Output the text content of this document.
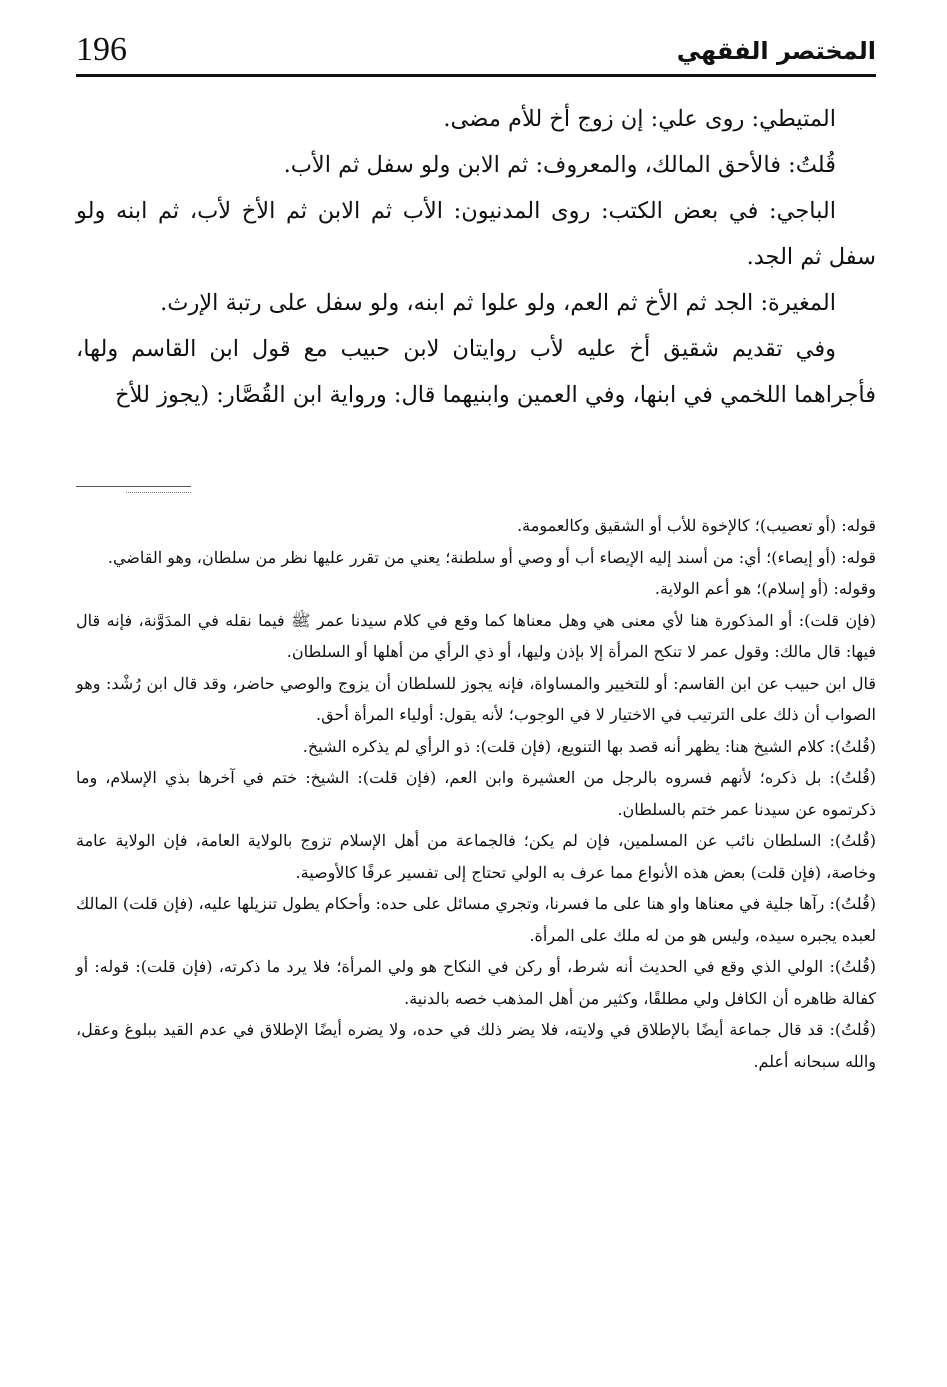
196	المختصر الفقهي

المتيطي: روى علي: إن زوج أخ للأم مضى.

قُلتُ: فالأحق المالك، والمعروف: ثم الابن ولو سفل ثم الأب.

الباجي: في بعض الكتب: روى المدنيون: الأب ثم الابن ثم الأخ لأب، ثم ابنه ولو سفل ثم الجد.

المغيرة: الجد ثم الأخ ثم العم، ولو علوا ثم ابنه، ولو سفل على رتبة الإرث.

وفي تقديم شقيق أخ عليه لأب روايتان لابن حبيب مع قول ابن القاسم ولها، فأجراهما اللخمي في ابنها، وفي العمين وابنيهما قال: ورواية ابن القُصَّار: (يجوز للأخ

قوله: (أو تعصيب)؛ كالإخوة للأب أو الشقيق وكالعمومة.

قوله: (أو إيصاء)؛ أي: من أسند إليه الإيصاء أب أو وصي أو سلطنة؛ يعني من تقرر عليها نظر من سلطان، وهو القاضي.

وقوله: (أو إسلام)؛ هو أعم الولاية.

(فإن قلت): أو المذكورة هنا لأي معنى هي وهل معناها كما وقع في كلام سيدنا عمر ﷺ فيما نقله في المدَوَّنة، فإنه قال فيها: قال مالك: وقول عمر لا تنكح المرأة إلا بإذن وليها، أو ذي الرأي من أهلها أو السلطان.

قال ابن حبيب عن ابن القاسم: أو للتخيير والمساواة، فإنه يجوز للسلطان أن يزوج والوصي حاضر، وقد قال ابن رُشْد: وهو الصواب أن ذلك على الترتيب في الاختيار لا في الوجوب؛ لأنه يقول: أولياء المرأة أحق.

(قُلتُ): كلام الشيخ هنا: يظهر أنه قصد بها التنويع، (فإن قلت): ذو الرأي لم يذكره الشيخ.

(قُلتُ): بل ذكره؛ لأنهم فسروه بالرجل من العشيرة وابن العم، (فإن قلت): الشيخ: ختم في آخرها بذي الإسلام، وما ذكرتموه عن سيدنا عمر ختم بالسلطان.

(قُلتُ): السلطان نائب عن المسلمين، فإن لم يكن؛ فالجماعة من أهل الإسلام تزوج بالولاية العامة، فإن الولاية عامة وخاصة، (فإن قلت) بعض هذه الأنواع مما عرف به الولي تحتاج إلى تفسير عرفًا كالأوصية.

(قُلتُ): رآها جلية في معناها واو هنا على ما فسرنا، وتجري مسائل على حده: وأحكام يطول تنزيلها عليه، (فإن قلت) المالك لعبده يجبره سيده، وليس هو من له ملك على المرأة.

(قُلتُ): الولي الذي وقع في الحديث أنه شرط، أو ركن في النكاح هو ولي المرأة؛ فلا يرد ما ذكرته، (فإن قلت): قوله: أو كفالة ظاهره أن الكافل ولي مطلقًا، وكثير من أهل المذهب خصه بالدنية.

(قُلتُ): قد قال جماعة أيضًا بالإطلاق في ولايته، فلا يضر ذلك في حده، ولا يضره أيضًا الإطلاق في عدم القيد ببلوغ وعقل، والله سبحانه أعلم.
